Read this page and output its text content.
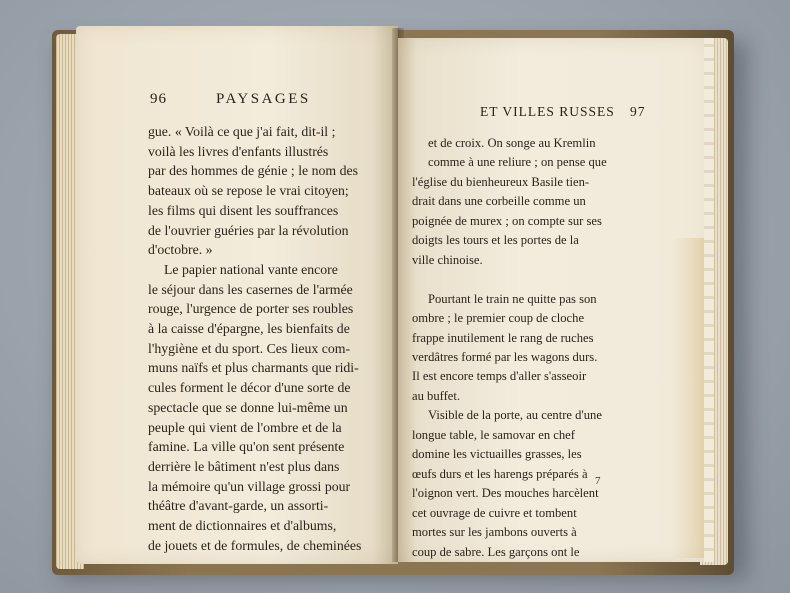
96	PAYSAGES
gue. « Voilà ce que j'ai fait, dit-il ;
voilà les livres d'enfants illustrés
par des hommes de génie ; le nom des
bateaux où se repose le vrai citoyen;
les films qui disent les souffrances
de l'ouvrier guéries par la révolution
d'octobre. »
Le papier national vante encore
le séjour dans les casernes de l'armée
rouge, l'urgence de porter ses roubles
à la caisse d'épargne, les bienfaits de
l'hygiène et du sport. Ces lieux com-
muns naïfs et plus charmants que ridi-
cules forment le décor d'une sorte de
spectacle que se donne lui-même un
peuple qui vient de l'ombre et de la
famine. La ville qu'on sent présente
derrière le bâtiment n'est plus dans
la mémoire qu'un village grossi pour
théâtre d'avant-garde, un assorti-
ment de dictionnaires et d'albums,
de jouets et de formules, de cheminées
ET VILLES RUSSES 97
et de croix. On songe au Kremlin
comme à une reliure ; on pense que
l'église du bienheureux Basile tien-
drait dans une corbeille comme un
poignée de murex ; on compte sur ses
doigts les tours et les portes de la
ville chinoise.

Pourtant le train ne quitte pas son
ombre ; le premier coup de cloche
frappe inutilement le rang de ruches
verdâtres formé par les wagons durs.
Il est encore temps d'aller s'asseoir
au buffet.
Visible de la porte, au centre d'une
longue table, le samovar en chef
domine les victuailles grasses, les
œufs durs et les harengs préparés à
l'oignon vert. Des mouches harcèlent
cet ouvrage de cuivre et tombent
mortes sur les jambons ouverts à
coup de sabre. Les garçons ont le
7
